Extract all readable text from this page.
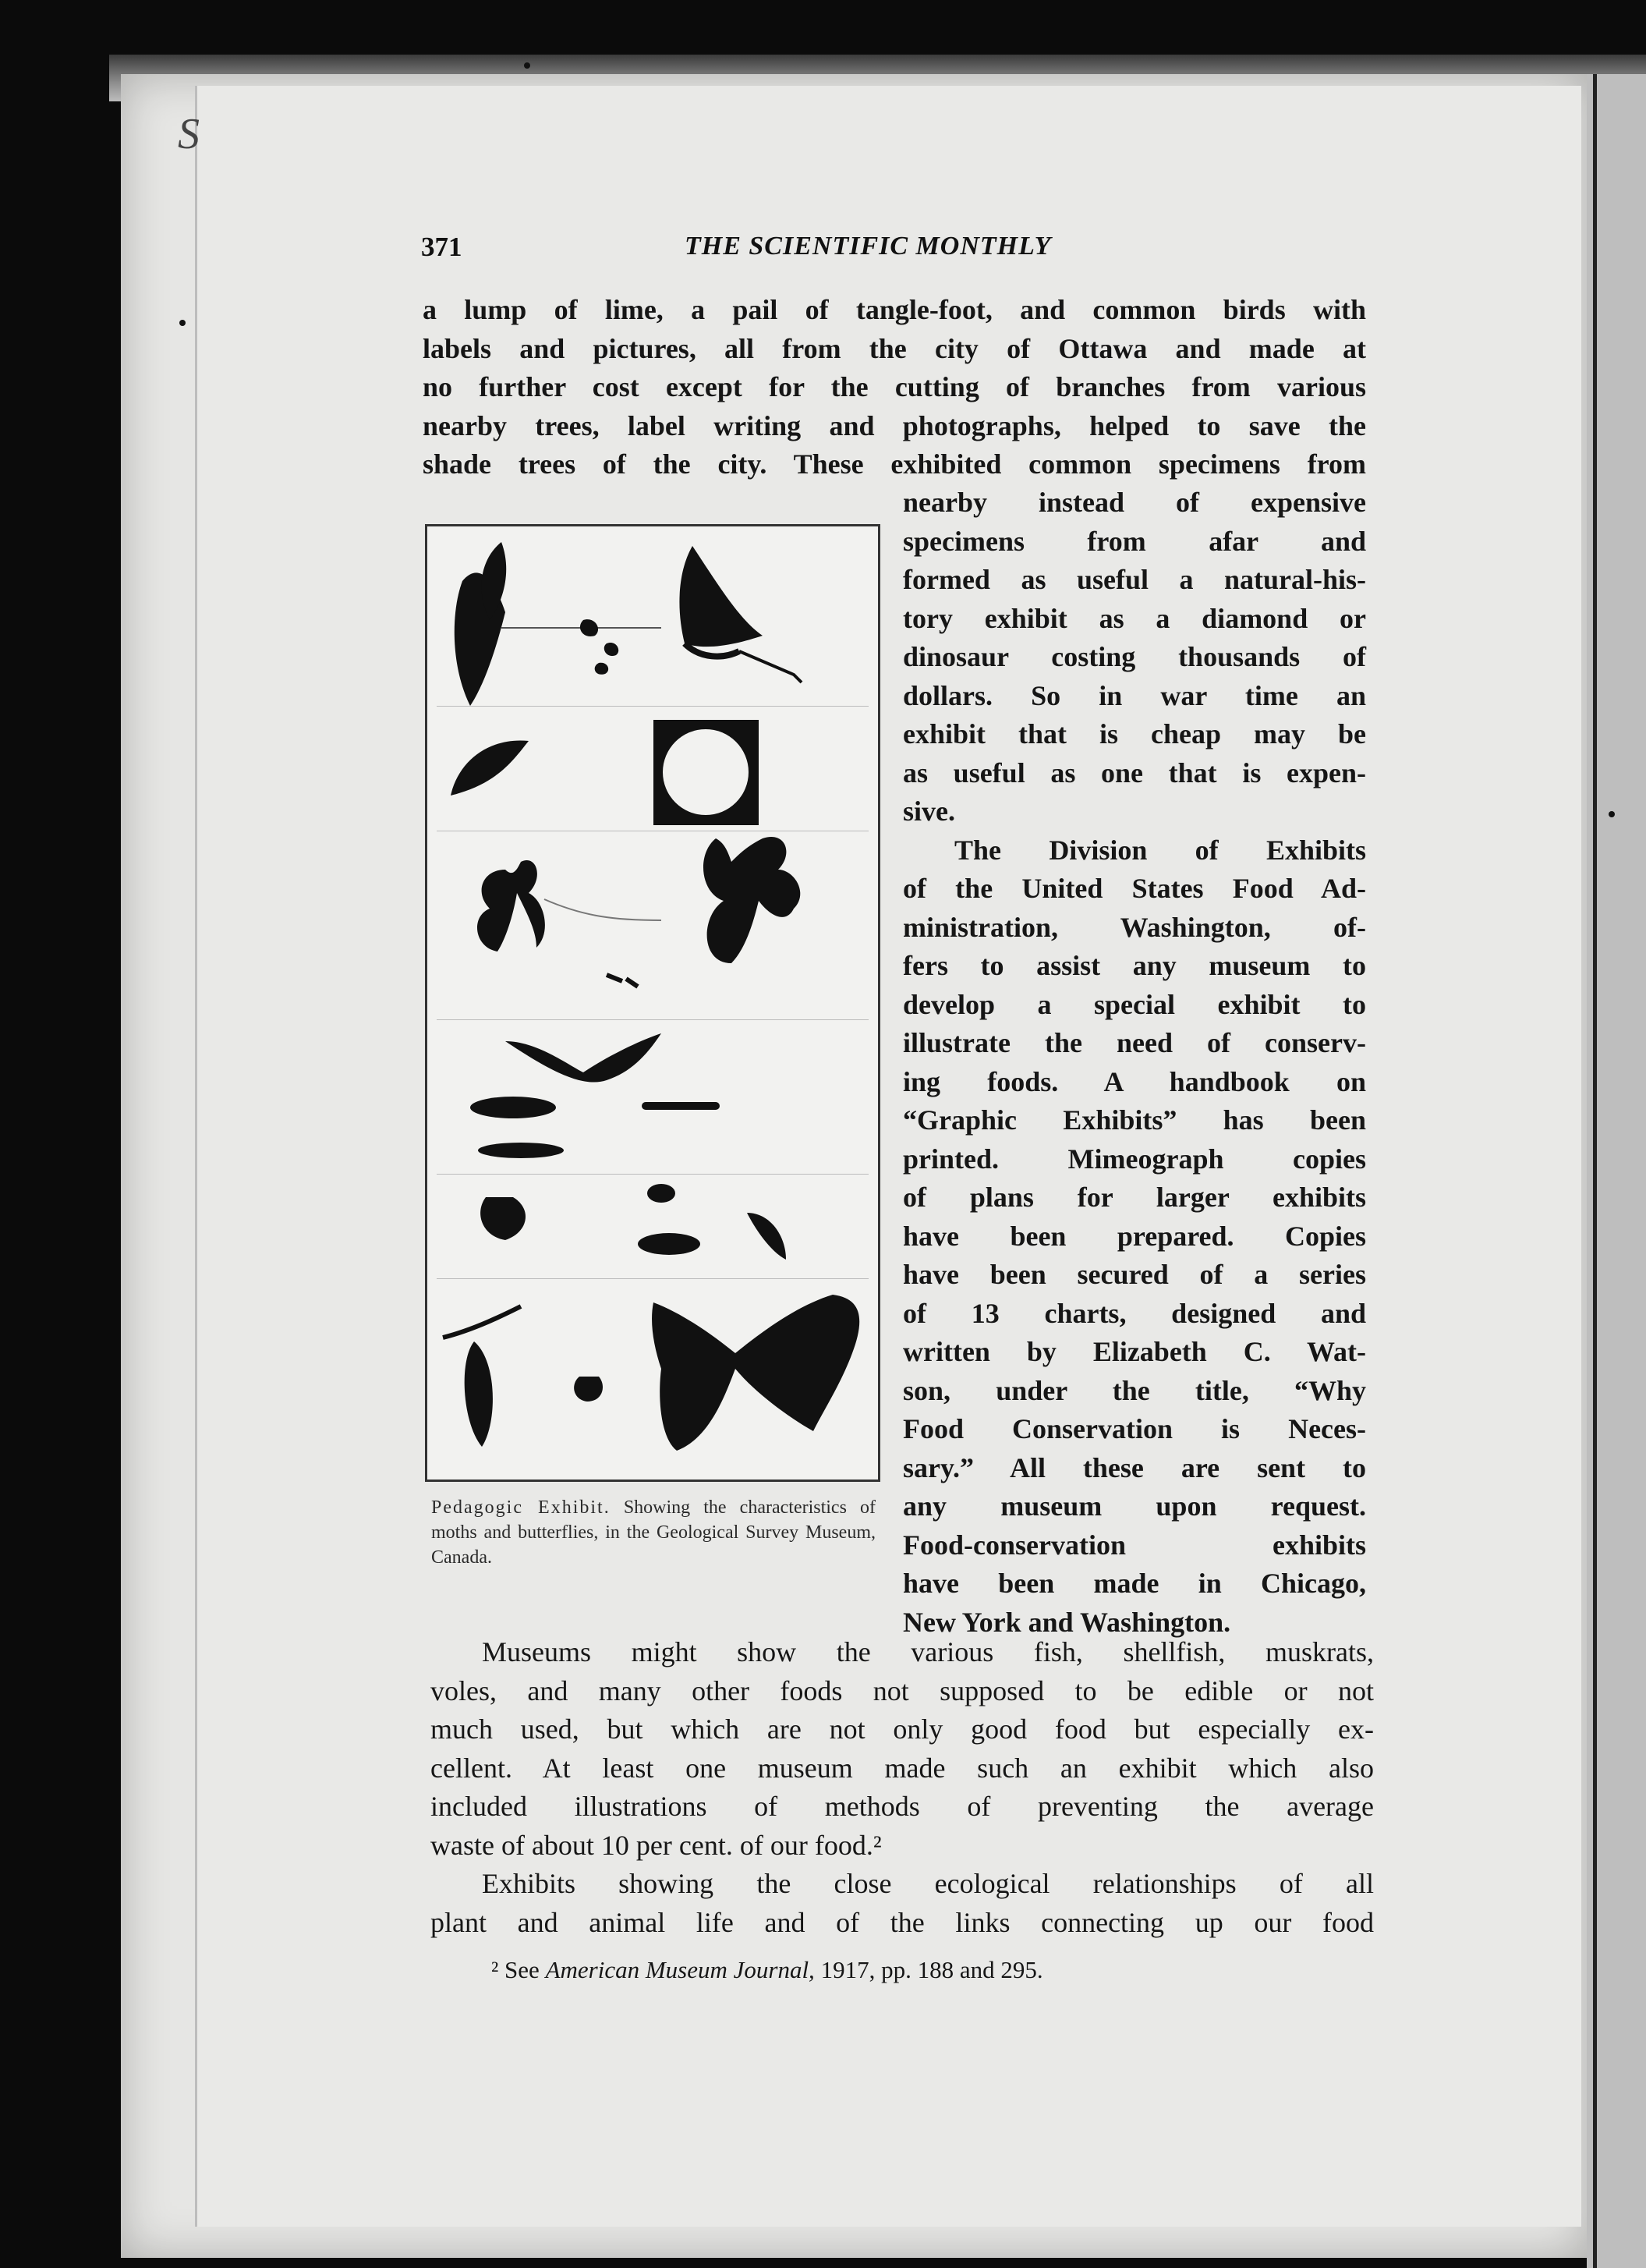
S
371	THE SCIENTIFIC MONTHLY
a lump of lime, a pail of tangle-foot, and common birds with
labels and pictures, all from the city of Ottawa and made at
no further cost except for the cutting of branches from various
nearby trees, label writing and photographs, helped to save the
shade trees of the city. These exhibited common specimens from
nearby instead of expensive
specimens from afar and
formed as useful a natural-his-
tory exhibit as a diamond or
dinosaur costing thousands of
dollars. So in war time an
exhibit that is cheap may be
as useful as one that is expen-
sive.
The Division of Exhibits
of the United States Food Ad-
ministration, Washington, of-
fers to assist any museum to
develop a special exhibit to
illustrate the need of conserv-
ing foods. A handbook on
“Graphic Exhibits” has been
printed. Mimeograph copies
of plans for larger exhibits
have been prepared. Copies
have been secured of a series
of 13 charts, designed and
written by Elizabeth C. Wat-
son, under the title, “Why
Food Conservation is Neces-
sary.” All these are sent to
any museum upon request.
Food-conservation exhibits
have been made in Chicago,
New York and Washington.
Pedagogic Exhibit. Showing the characteristics of moths and butterflies, in the Geological Survey Museum, Canada.
Museums might show the various fish, shellfish, muskrats,
voles, and many other foods not supposed to be edible or not
much used, but which are not only good food but especially ex-
cellent. At least one museum made such an exhibit which also
included illustrations of methods of preventing the average
waste of about 10 per cent. of our food.²
Exhibits showing the close ecological relationships of all
plant and animal life and of the links connecting up our food
² See American Museum Journal, 1917, pp. 188 and 295.
